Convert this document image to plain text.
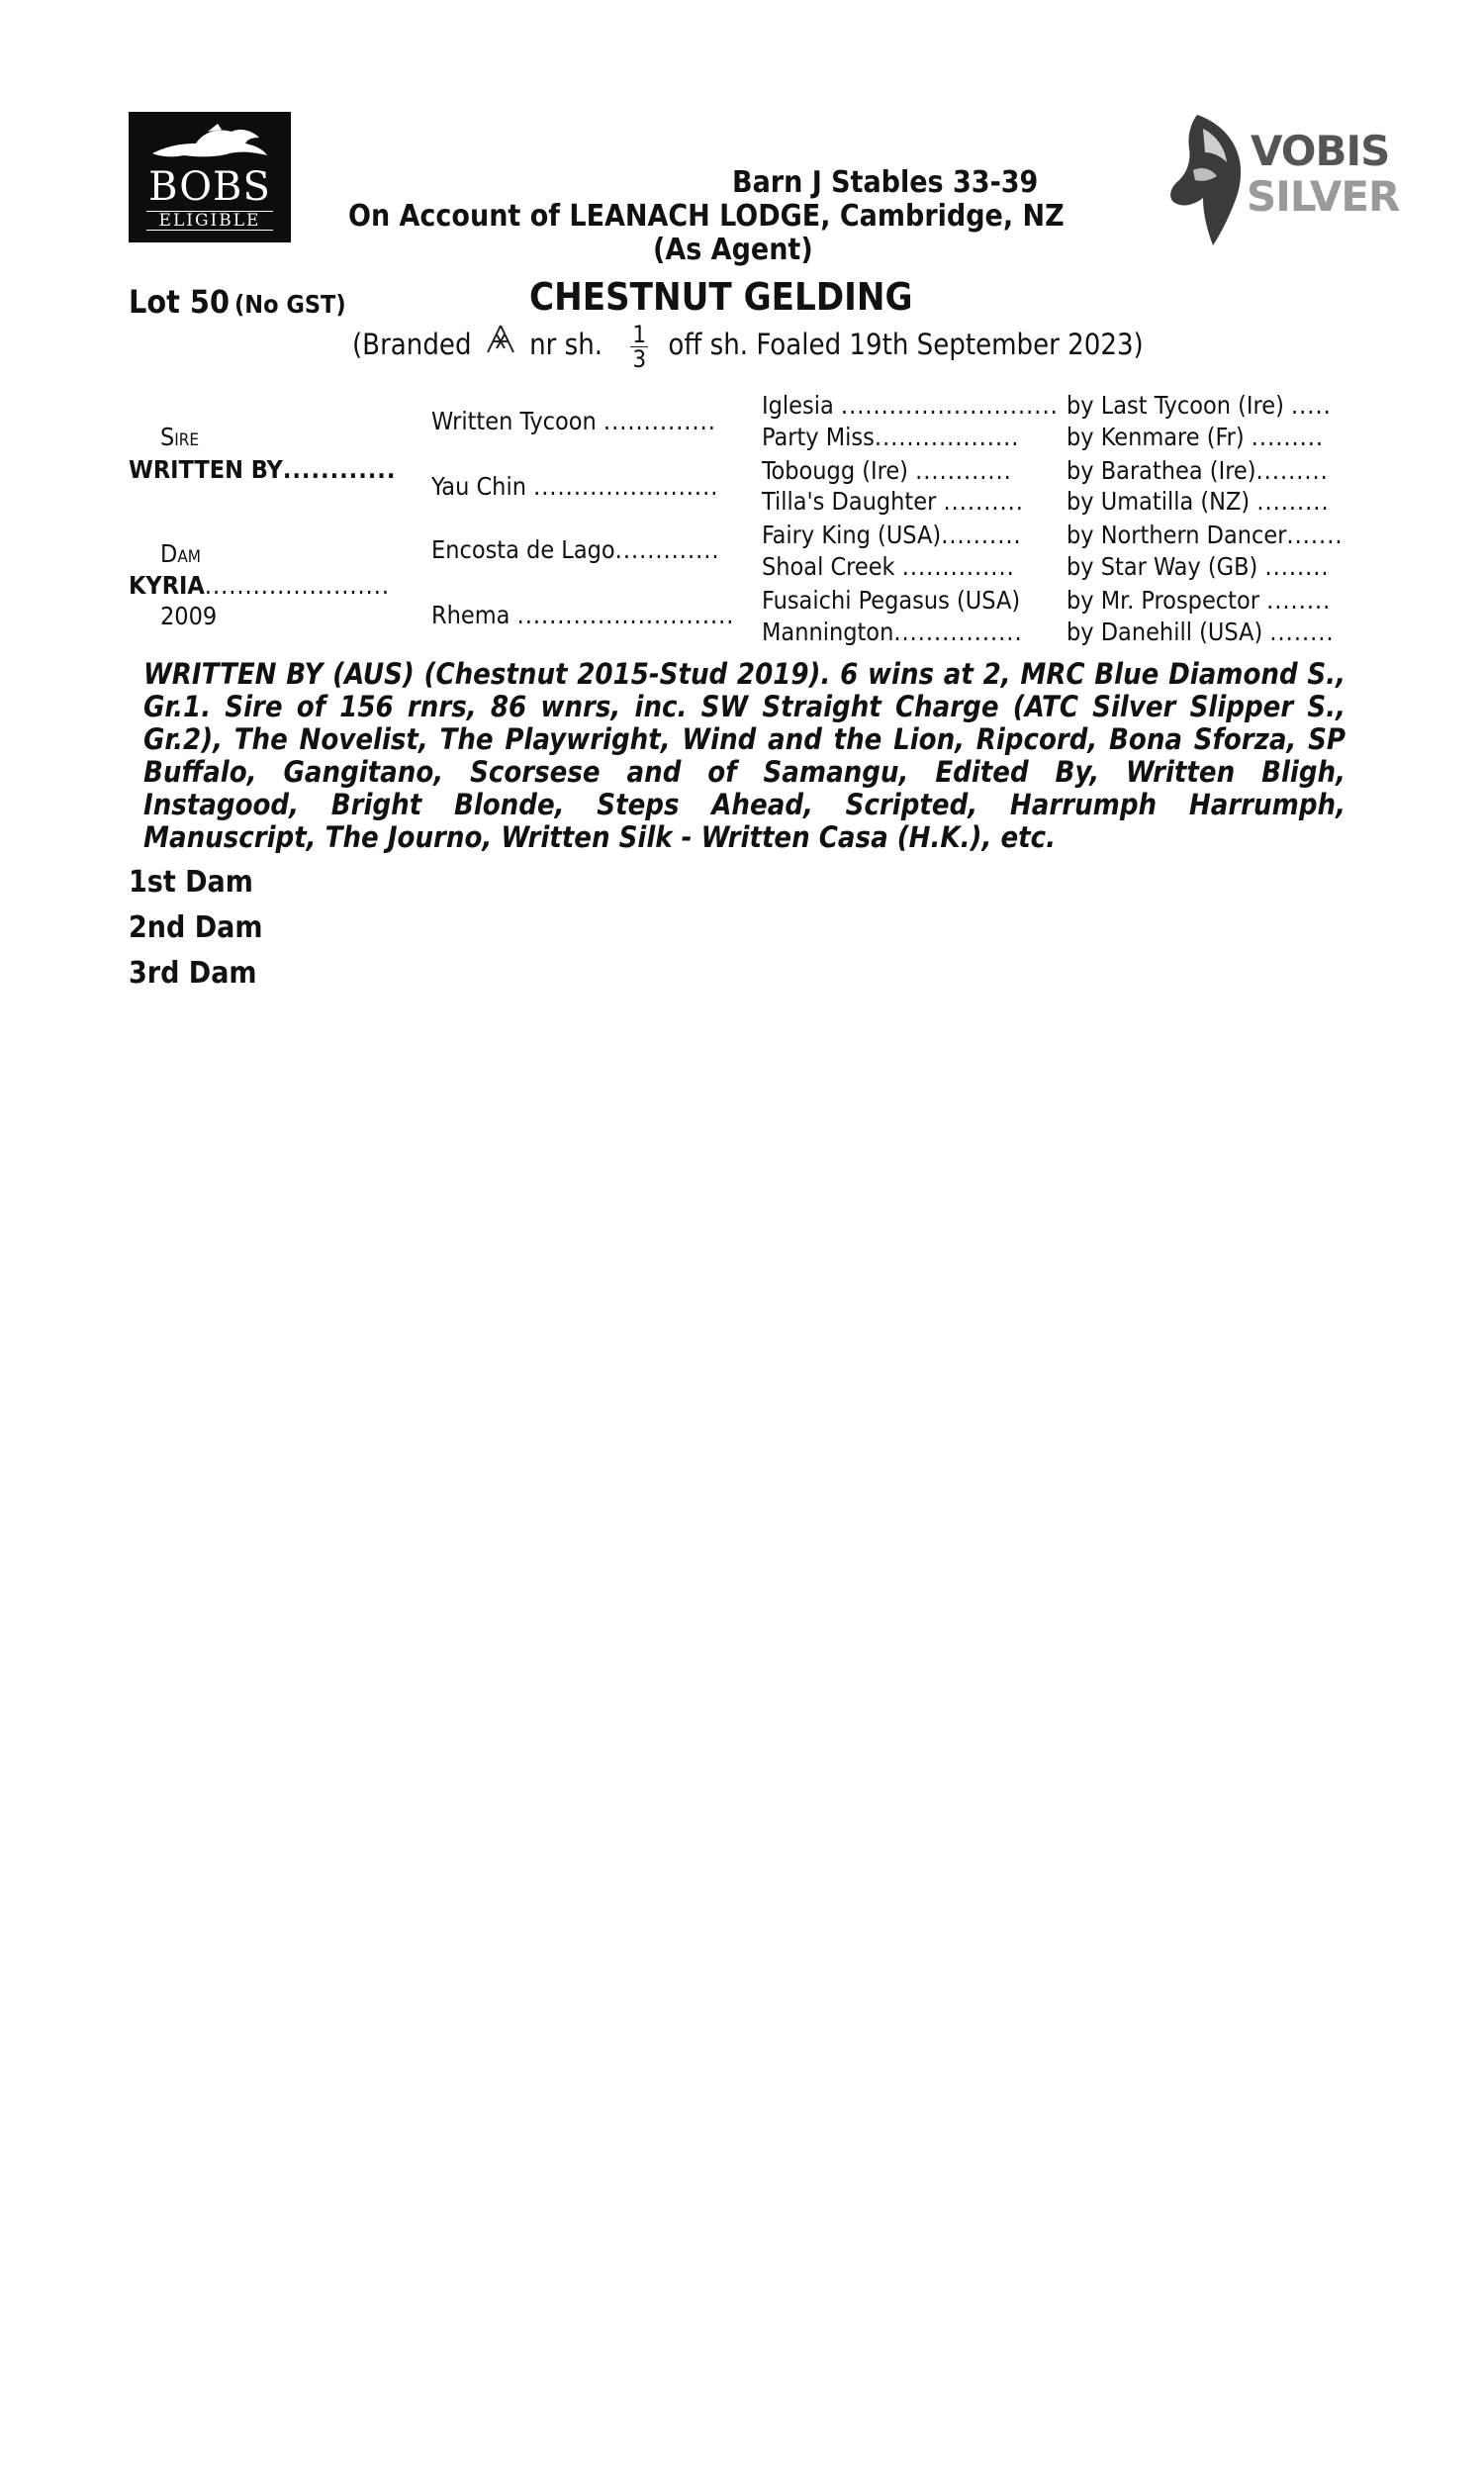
BOBS
ELIGIBLE
VOBIS
SILVER
Barn J Stables 33-39
On Account of LEANACH LODGE, Cambridge, NZ
(As Agent)
Lot 50 (No GST)	CHESTNUT GELDING
(Branded nr sh. $\frac{1}{3}$ off sh. Foaled 19th September 2023)
SIRE
WRITTEN BY............
DAM
KYRIA.......................
2009
Written Tycoon ..............
Yau Chin .......................
Encosta de Lago.............
Rhema ...........................
Iglesia ...........................
Party Miss..................
Tobougg (Ire) ............
Tilla's Daughter ..........
Fairy King (USA)..........
Shoal Creek ..............
Fusaichi Pegasus (USA)
Mannington................
by Last Tycoon (Ire) .....
by Kenmare (Fr) .........
by Barathea (Ire).........
by Umatilla (NZ) .........
by Northern Dancer.......
by Star Way (GB) ........
by Mr. Prospector ........
by Danehill (USA) ........
WRITTEN BY (AUS) (Chestnut 2015-Stud 2019). 6 wins at 2, MRC Blue Diamond S., Gr.1. Sire of 156 rnrs, 86 wnrs, inc. SW Straight Charge (ATC Silver Slipper S., Gr.2), The Novelist, The Playwright, Wind and the Lion, Ripcord, Bona Sforza, SP Buffalo, Gangitano, Scorsese and of Samangu, Edited By, Written Bligh, Instagood, Bright Blonde, Steps Ahead, Scripted, Harrumph Harrumph, Manuscript, The Journo, Written Silk - Written Casa (H.K.), etc.
1st Dam
2nd Dam
3rd Dam
